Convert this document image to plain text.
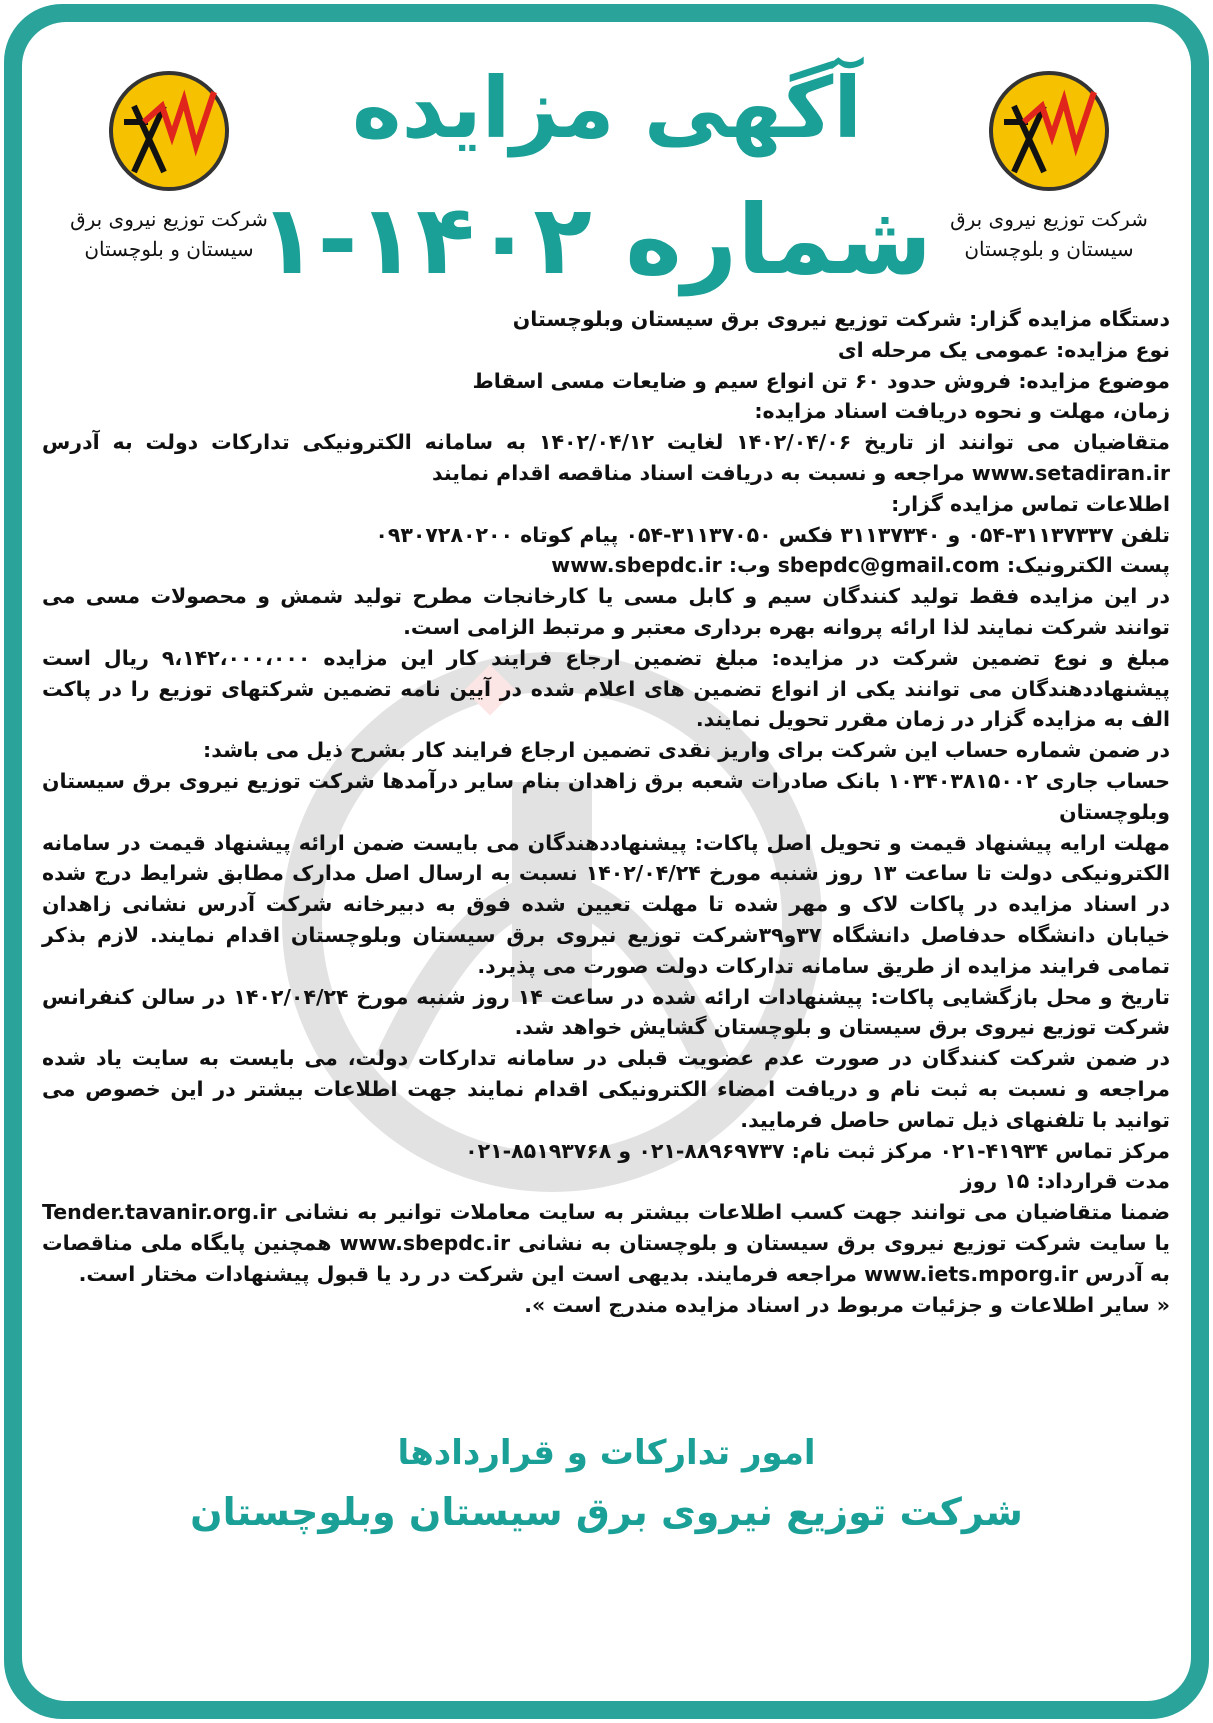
شرکت توزیع نیروی برق
سیستان و بلوچستان
شرکت توزیع نیروی برق
سیستان و بلوچستان
آگهی مزایده
شماره ۱۴۰۲-۱

دستگاه مزایده گزار: شرکت توزیع نیروی برق سیستان وبلوچستان

نوع مزایده: عمومی یک مرحله ای

موضوع مزایده: فروش حدود ۶۰ تن انواع سیم و ضایعات مسی اسقاط

زمان، مهلت و نحوه دریافت اسناد مزایده:

متقاضیان می توانند از تاریخ ۱۴۰۲/۰۴/۰۶ لغایت ۱۴۰۲/۰۴/۱۲ به سامانه الکترونیکی تدارکات دولت به آدرس www.setadiran.ir مراجعه و نسبت به دریافت اسناد مناقصه اقدام نمایند

اطلاعات تماس مزایده گزار:

تلفن ۳۱۱۳۷۳۳۷-۰۵۴ و ۳۱۱۳۷۳۴۰ فکس ۳۱۱۳۷۰۵۰-۰۵۴ پیام کوتاه ۰۹۳۰۷۲۸۰۲۰۰

پست الکترونیک: sbepdc@gmail.com وب: www.sbepdc.ir

در این مزایده فقط تولید کنندگان سیم و کابل مسی یا کارخانجات مطرح تولید شمش و محصولات مسی می توانند شرکت نمایند لذا ارائه پروانه بهره برداری معتبر و مرتبط الزامی است.

مبلغ و نوع تضمین شرکت در مزایده: مبلغ تضمین ارجاع فرایند کار این مزایده ۹،۱۴۲،۰۰۰،۰۰۰ ریال است پیشنهاددهندگان می توانند یکی از انواع تضمین های اعلام شده در آیین نامه تضمین شرکتهای توزیع را در پاکت الف به مزایده گزار در زمان مقرر تحویل نمایند.

در ضمن شماره حساب این شرکت برای واریز نقدی تضمین ارجاع فرایند کار بشرح ذیل می باشد:

حساب جاری ۱۰۳۴۰۳۸۱۵۰۰۲ بانک صادرات شعبه برق زاهدان بنام سایر درآمدها شرکت توزیع نیروی برق سیستان وبلوچستان

مهلت ارایه پیشنهاد قیمت و تحویل اصل پاکات: پیشنهاددهندگان می بایست ضمن ارائه پیشنهاد قیمت در سامانه الکترونیکی دولت تا ساعت ۱۳ روز شنبه مورخ ۱۴۰۲/۰۴/۲۴ نسبت به ارسال اصل مدارک مطابق شرایط درج شده در اسناد مزایده در پاکات لاک و مهر شده تا مهلت تعیین شده فوق به دبیرخانه شرکت آدرس نشانی زاهدان خیابان دانشگاه حدفاصل دانشگاه ۳۷و۳۹شرکت توزیع نیروی برق سیستان وبلوچستان اقدام نمایند. لازم بذکر تمامی فرایند مزایده از طریق سامانه تدارکات دولت صورت می پذیرد.

تاریخ و محل بازگشایی پاکات: پیشنهادات ارائه شده در ساعت ۱۴ روز شنبه مورخ ۱۴۰۲/۰۴/۲۴ در سالن کنفرانس شرکت توزیع نیروی برق سیستان و بلوچستان گشایش خواهد شد.

در ضمن شرکت کنندگان در صورت عدم عضویت قبلی در سامانه تدارکات دولت، می بایست به سایت یاد شده مراجعه و نسبت به ثبت نام و دریافت امضاء الکترونیکی اقدام نمایند جهت اطلاعات بیشتر در این خصوص می توانید با تلفنهای ذیل تماس حاصل فرمایید.

مرکز تماس ۴۱۹۳۴-۰۲۱ مرکز ثبت نام: ۸۸۹۶۹۷۳۷-۰۲۱ و ۸۵۱۹۳۷۶۸-۰۲۱

مدت قرارداد: ۱۵ روز

ضمنا متقاضیان می توانند جهت کسب اطلاعات بیشتر به سایت معاملات توانیر به نشانی Tender.tavanir.org.ir یا سایت شرکت توزیع نیروی برق سیستان و بلوچستان به نشانی www.sbepdc.ir همچنین پایگاه ملی مناقصات به آدرس www.iets.mporg.ir مراجعه فرمایند. بدیهی است این شرکت در رد یا قبول پیشنهادات مختار است.

« سایر اطلاعات و جزئیات مربوط در اسناد مزایده مندرج است ».

امور تدارکات و قراردادها
شرکت توزیع نیروی برق سیستان وبلوچستان
